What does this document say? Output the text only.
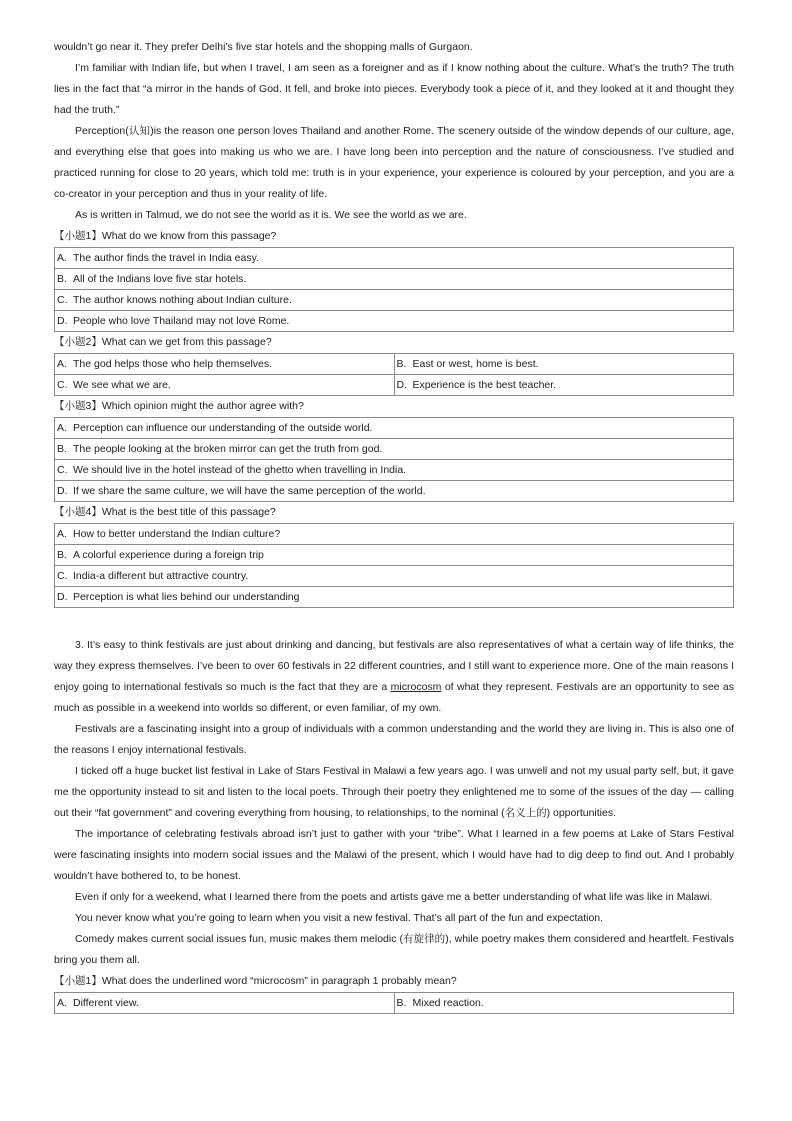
wouldn’t go near it. They prefer Delhi’s five star hotels and the shopping malls of Gurgaon.

I’m familiar with Indian life, but when I travel, I am seen as a foreigner and as if I know nothing about the culture. What’s the truth? The truth lies in the fact that “a mirror in the hands of God. It fell, and broke into pieces. Everybody took a piece of it, and they looked at it and thought they had the truth.”

Perception(认知)is the reason one person loves Thailand and another Rome. The scenery outside of the window depends of our culture, age, and everything else that goes into making us who we are. I have long been into perception and the nature of consciousness. I’ve studied and practiced running for close to 20 years, which told me: truth is in your experience, your experience is coloured by your perception, and you are a co-creator in your perception and thus in your reality of life.

As is written in Talmud, we do not see the world as it is. We see the world as we are.

【小题1】What do we know from this passage?
A. The author finds the travel in India easy.
B. All of the Indians love five star hotels.
C. The author knows nothing about Indian culture.
D. People who love Thailand may not love Rome.
【小题2】What can we get from this passage?
A. The god helps those who help themselves.	B. East or west, home is best.
C. We see what we are.	D. Experience is the best teacher.
【小题3】Which opinion might the author agree with?
A. Perception can influence our understanding of the outside world.
B. The people looking at the broken mirror can get the truth from god.
C. We should live in the hotel instead of the ghetto when travelling in India.
D. If we share the same culture, we will have the same perception of the world.
【小题4】What is the best title of this passage?
A. How to better understand the Indian culture?
B. A colorful experience during a foreign trip
C. India-a different but attractive country.
D. Perception is what lies behind our understanding

3. It’s easy to think festivals are just about drinking and dancing, but festivals are also representatives of what a certain way of life thinks, the way they express themselves. I’ve been to over 60 festivals in 22 different countries, and I still want to experience more. One of the main reasons I enjoy going to international festivals so much is the fact that they are a microcosm of what they represent. Festivals are an opportunity to see as much as possible in a weekend into worlds so different, or even familiar, of my own.

Festivals are a fascinating insight into a group of individuals with a common understanding and the world they are living in. This is also one of the reasons I enjoy international festivals.

I ticked off a huge bucket list festival in Lake of Stars Festival in Malawi a few years ago. I was unwell and not my usual party self, but, it gave me the opportunity instead to sit and listen to the local poets. Through their poetry they enlightened me to some of the issues of the day — calling out their “fat government” and covering everything from housing, to relationships, to the nominal (名义上的) opportunities.

The importance of celebrating festivals abroad isn’t just to gather with your “tribe”. What I learned in a few poems at Lake of Stars Festival were fascinating insights into modern social issues and the Malawi of the present, which I would have had to dig deep to find out. And I probably wouldn’t have bothered to, to be honest.

Even if only for a weekend, what I learned there from the poets and artists gave me a better understanding of what life was like in Malawi.

You never know what you’re going to learn when you visit a new festival. That’s all part of the fun and expectation.

Comedy makes current social issues fun, music makes them melodic (有旋律的), while poetry makes them considered and heartfelt. Festivals bring you them all.

【小题1】What does the underlined word “microcosm” in paragraph 1 probably mean?
A. Different view.	B. Mixed reaction.
